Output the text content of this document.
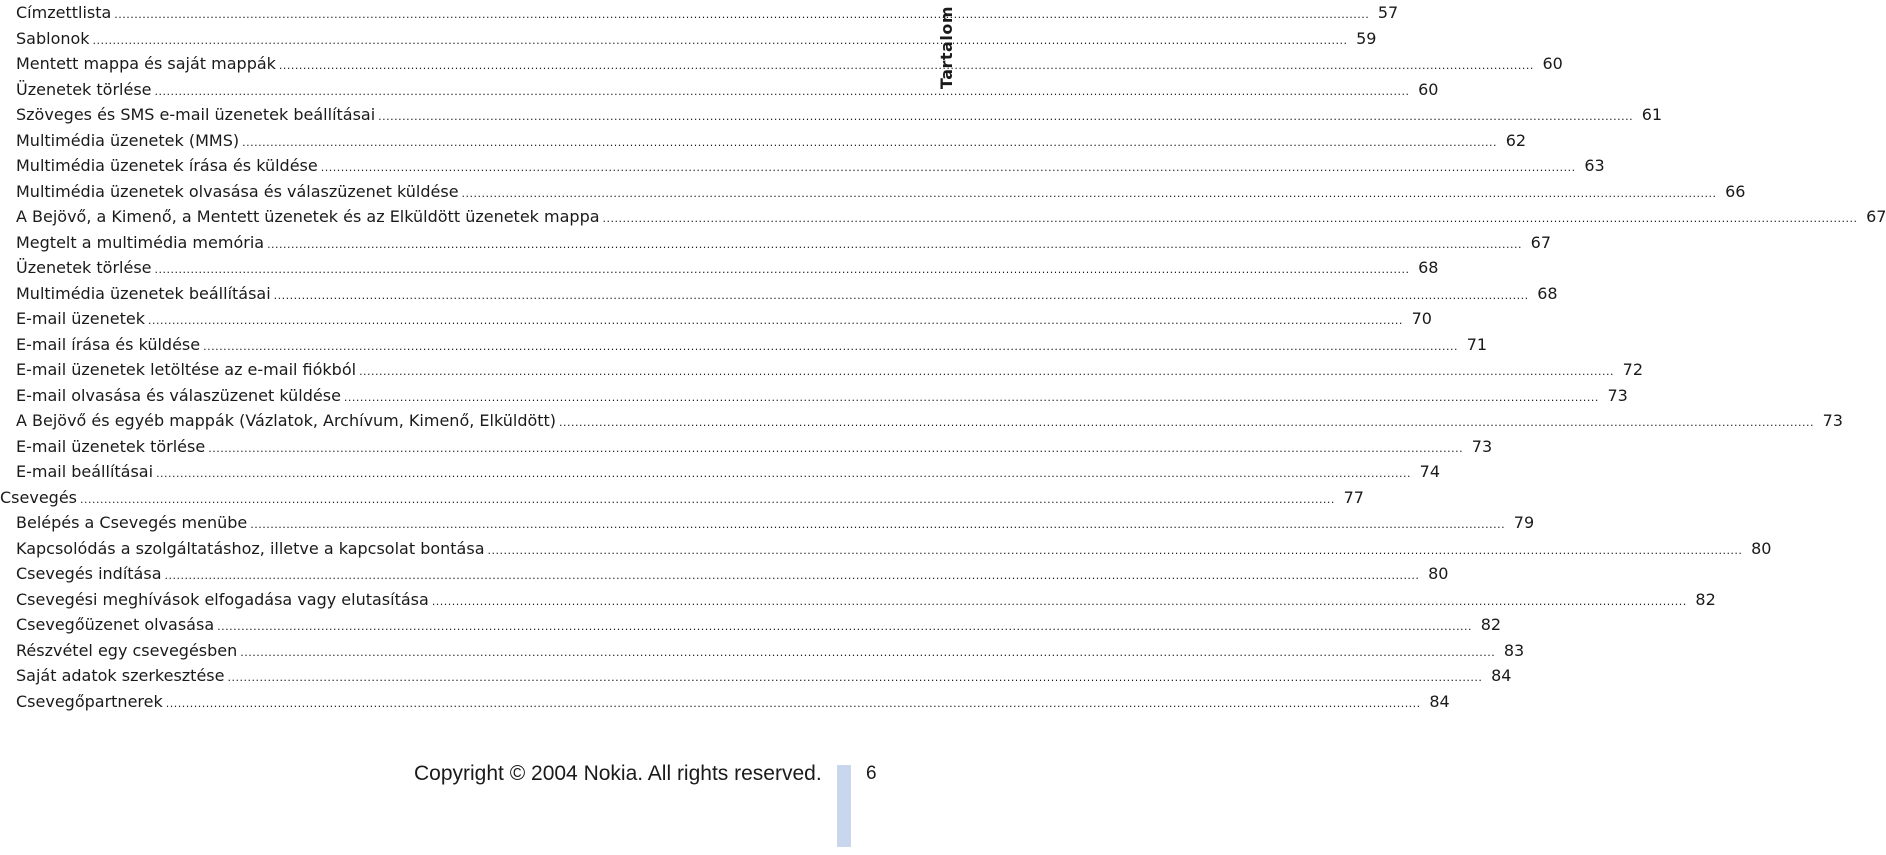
Címzettlista .......................................................................................................................................................................................................................................................................................................................... 57
Sablonok .......................................................................................................................................................................................................................................................................................................................... 59
Mentett mappa és saját mappák .......................................................................................................................................................................................................................................................................................................................... 60
Üzenetek törlése .......................................................................................................................................................................................................................................................................................................................... 60
Szöveges és SMS e-mail üzenetek beállításai .......................................................................................................................................................................................................................................................................................................................... 61
Multimédia üzenetek (MMS) .......................................................................................................................................................................................................................................................................................................................... 62
Multimédia üzenetek írása és küldése .......................................................................................................................................................................................................................................................................................................................... 63
Multimédia üzenetek olvasása és válaszüzenet küldése .......................................................................................................................................................................................................................................................................................................................... 66
A Bejövő, a Kimenő, a Mentett üzenetek és az Elküldött üzenetek mappa .......................................................................................................................................................................................................................................................................................................................... 67
Megtelt a multimédia memória .......................................................................................................................................................................................................................................................................................................................... 67
Üzenetek törlése .......................................................................................................................................................................................................................................................................................................................... 68
Multimédia üzenetek beállításai .......................................................................................................................................................................................................................................................................................................................... 68
E-mail üzenetek .......................................................................................................................................................................................................................................................................................................................... 70
E-mail írása és küldése .......................................................................................................................................................................................................................................................................................................................... 71
E-mail üzenetek letöltése az e-mail fiókból .......................................................................................................................................................................................................................................................................................................................... 72
E-mail olvasása és válaszüzenet küldése .......................................................................................................................................................................................................................................................................................................................... 73
A Bejövő és egyéb mappák (Vázlatok, Archívum, Kimenő, Elküldött) .......................................................................................................................................................................................................................................................................................................................... 73
E-mail üzenetek törlése .......................................................................................................................................................................................................................................................................................................................... 73
E-mail beállításai .......................................................................................................................................................................................................................................................................................................................... 74
Csevegés .......................................................................................................................................................................................................................................................................................................................... 77
Belépés a Csevegés menübe .......................................................................................................................................................................................................................................................................................................................... 79
Kapcsolódás a szolgáltatáshoz, illetve a kapcsolat bontása .......................................................................................................................................................................................................................................................................................................................... 80
Csevegés indítása .......................................................................................................................................................................................................................................................................................................................... 80
Csevegési meghívások elfogadása vagy elutasítása .......................................................................................................................................................................................................................................................................................................................... 82
Csevegőüzenet olvasása .......................................................................................................................................................................................................................................................................................................................... 82
Részvétel egy csevegésben .......................................................................................................................................................................................................................................................................................................................... 83
Saját adatok szerkesztése .......................................................................................................................................................................................................................................................................................................................... 84
Csevegőpartnerek .......................................................................................................................................................................................................................................................................................................................... 84
Tartalom
Copyright © 2004 Nokia. All rights reserved. 6
